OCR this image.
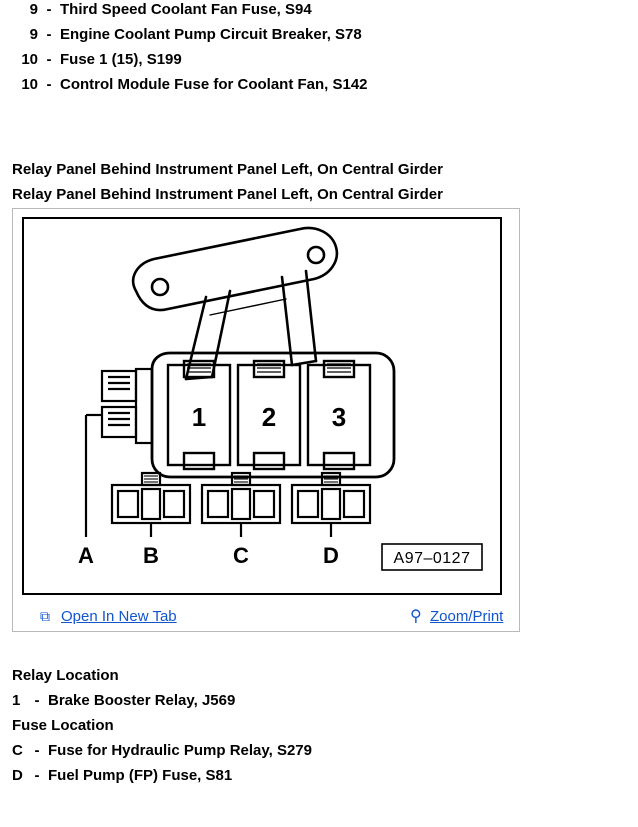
9 - Third Speed Coolant Fan Fuse, S94
9 - Engine Coolant Pump Circuit Breaker, S78
10 - Fuse 1 (15), S199
10 - Control Module Fuse for Coolant Fan, S142
Relay Panel Behind Instrument Panel Left, On Central Girder
Relay Panel Behind Instrument Panel Left, On Central Girder
1 2 3
A B	C	D	A97–0127
⧉ Open In New Tab	⚲ Zoom/Print
Relay Location
1 - Brake Booster Relay, J569
Fuse Location
C - Fuse for Hydraulic Pump Relay, S279
D - Fuel Pump (FP) Fuse, S81
